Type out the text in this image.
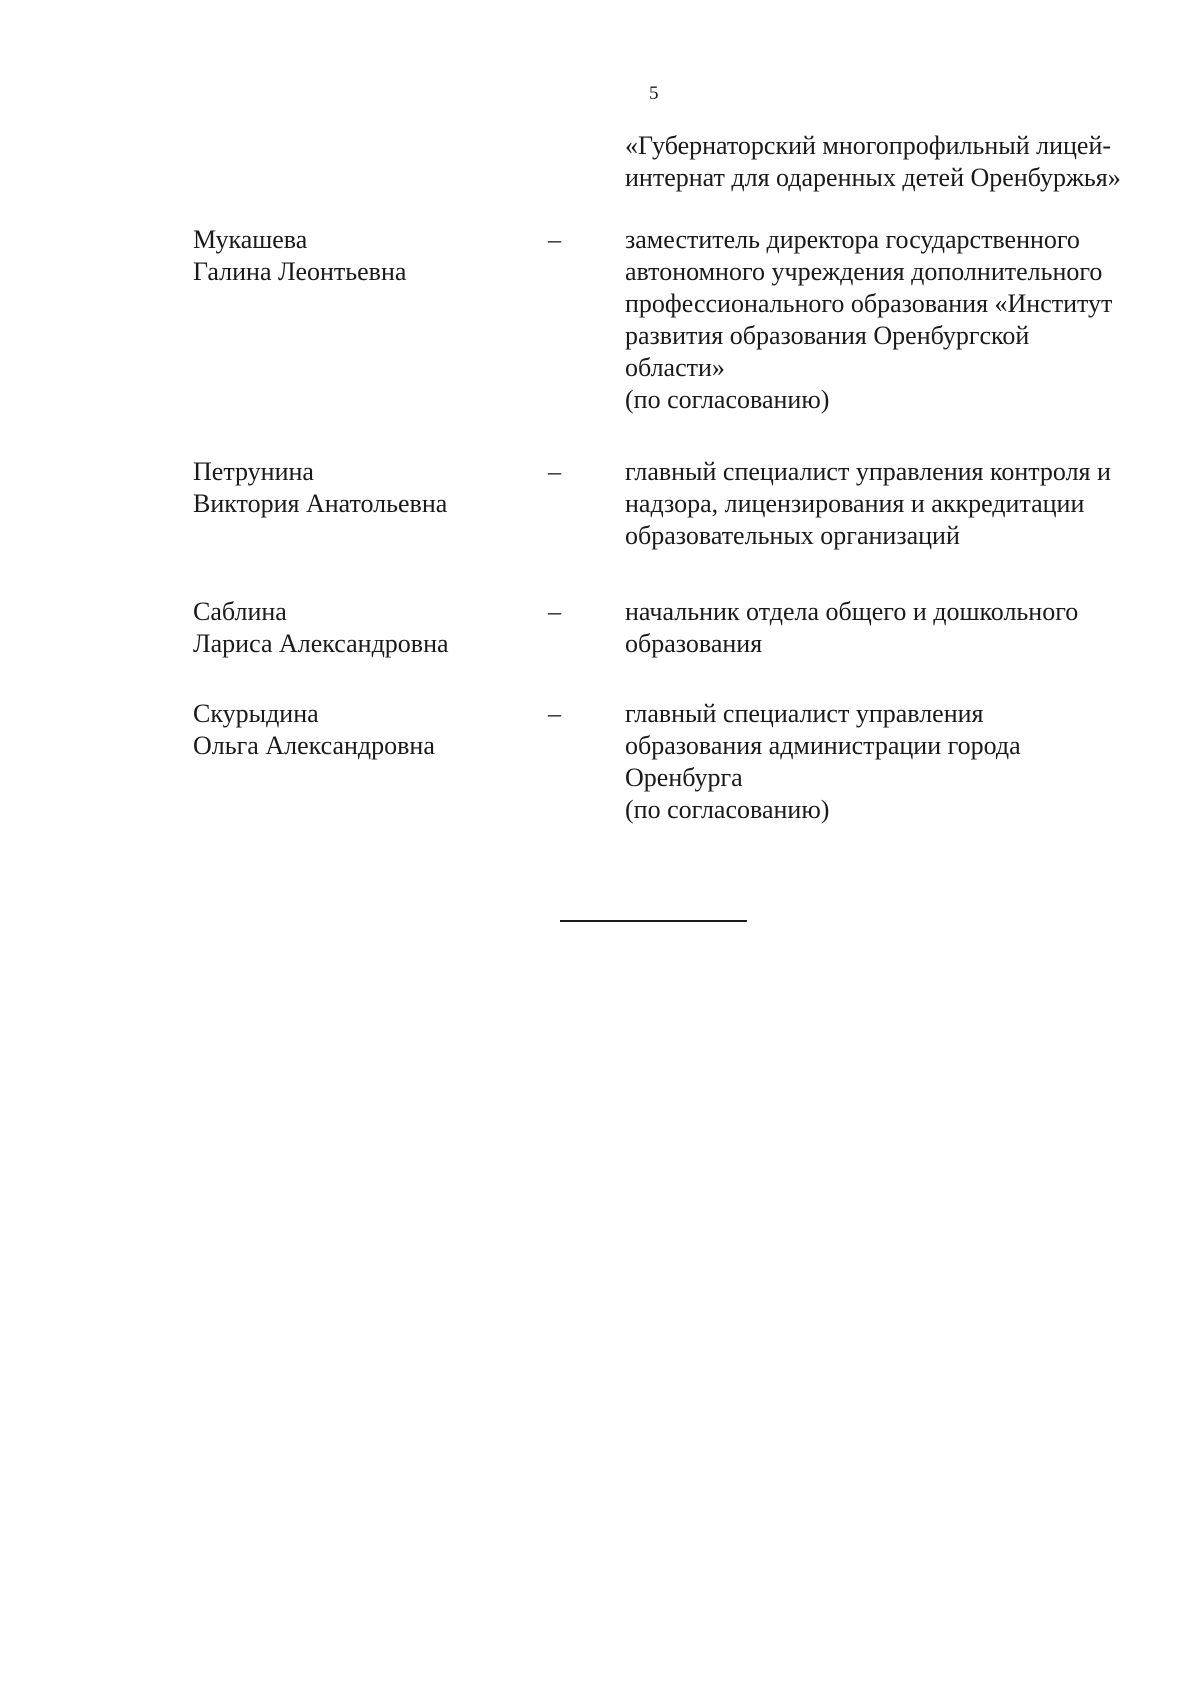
5
«Губернаторский многопрофильный лицей-
интернат для одаренных детей Оренбуржья»
Мукашева
Галина Леонтьевна
–	заместитель директора государственного
автономного учреждения дополнительного
профессионального образования «Институт
развития образования Оренбургской
области»
(по согласованию)
Петрунина
Виктория Анатольевна
–	главный специалист управления контроля и
надзора, лицензирования и аккредитации
образовательных организаций
Саблина
Лариса Александровна
–	начальник отдела общего и дошкольного
образования
Скурыдина
Ольга Александровна
–	главный специалист управления
образования администрации города
Оренбурга
(по согласованию)
